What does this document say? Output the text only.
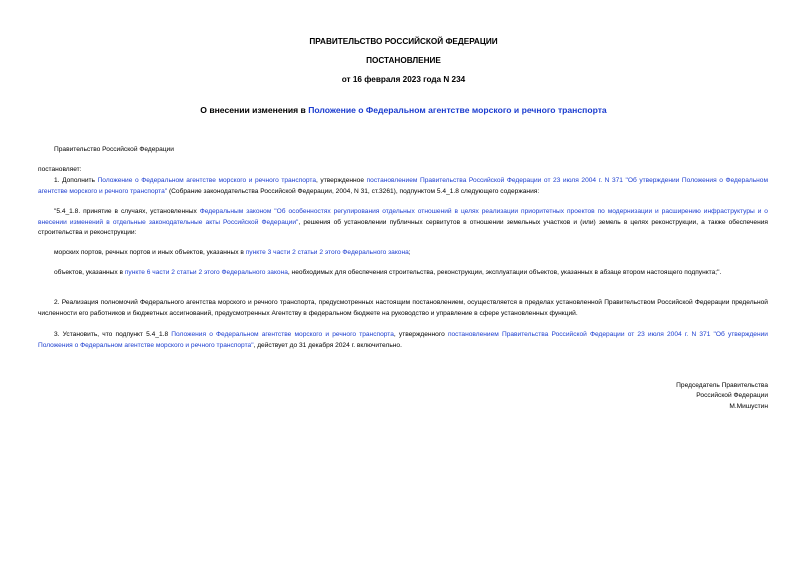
ПРАВИТЕЛЬСТВО РОССИЙСКОЙ ФЕДЕРАЦИИ
ПОСТАНОВЛЕНИЕ
от 16 февраля 2023 года N 234
О внесении изменения в Положение о Федеральном агентстве морского и речного транспорта
Правительство Российской Федерации
постановляет:
1. Дополнить Положение о Федеральном агентстве морского и речного транспорта, утвержденное постановлением Правительства Российской Федерации от 23 июля 2004 г. N 371 "Об утверждении Положения о Федеральном агентстве морского и речного транспорта" (Собрание законодательства Российской Федерации, 2004, N 31, ст.3261), подпунктом 5.4_1.8 следующего содержания:
"5.4_1.8. принятие в случаях, установленных Федеральным законом "Об особенностях регулирования отдельных отношений в целях реализации приоритетных проектов по модернизации и расширению инфраструктуры и о внесении изменений в отдельные законодательные акты Российской Федерации", решения об установлении публичных сервитутов в отношении земельных участков и (или) земель в целях реконструкции, а также обеспечения строительства и реконструкции:
морских портов, речных портов и иных объектов, указанных в пункте 3 части 2 статьи 2 этого Федерального закона;
объектов, указанных в пункте 6 части 2 статьи 2 этого Федерального закона, необходимых для обеспечения строительства, реконструкции, эксплуатации объектов, указанных в абзаце втором настоящего подпункта;".
2. Реализация полномочий Федерального агентства морского и речного транспорта, предусмотренных настоящим постановлением, осуществляется в пределах установленной Правительством Российской Федерации предельной численности его работников и бюджетных ассигнований, предусмотренных Агентству в федеральном бюджете на руководство и управление в сфере установленных функций.
3. Установить, что подпункт 5.4_1.8 Положения о Федеральном агентстве морского и речного транспорта, утвержденного постановлением Правительства Российской Федерации от 23 июля 2004 г. N 371 "Об утверждении Положения о Федеральном агентстве морского и речного транспорта", действует до 31 декабря 2024 г. включительно.
Председатель Правительства
Российской Федерации
М.Мишустин
